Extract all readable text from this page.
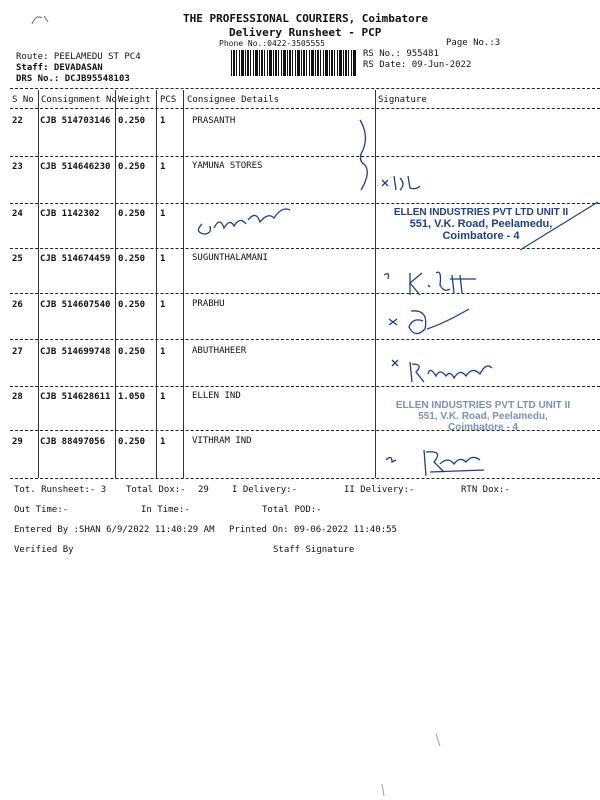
THE PROFESSIONAL COURIERS, Coimbatore
Delivery Runsheet - PCP
Phone No.:0422-3505555	Page No.:3
Route: PEELAMEDU ST PC4
Staff: DEVADASAN
DRS No.: DCJB95548103
RS No.: 955481
RS Date: 09-Jun-2022
S No Consignment No Weight PCS Consignee Details	Signature
22 CJB 514703146 0.250 1	PRASANTH
23 CJB 514646230 0.250 1	YAMUNA STORES
24 CJB 1142302 0.250 1
25 CJB 514674459 0.250 1	SUGUNTHALAMANI
26 CJB 514607540 0.250 1	PRABHU
27 CJB 514699748 0.250 1	ABUTHAHEER
28 CJB 514628611 1.050 1	ELLEN IND
29 CJB 88497056 0.250 1	VITHRAM IND
ELLEN INDUSTRIES PVT LTD UNIT II
551, V.K. Road, Peelamedu,
Coimbatore - 4
ELLEN INDUSTRIES PVT LTD UNIT II
551, V.K. Road, Peelamedu,
Coimbatore - 4
Tot. Runsheet:- 3 Total Dox:- 29	I Delivery:-	II Delivery:-	RTN Dox:-
Out Time:-	In Time:-	Total POD:-
Entered By :SHAN 6/9/2022 11:40:29 AM Printed On: 09-06-2022 11:40:55
Verified By	Staff Signature
